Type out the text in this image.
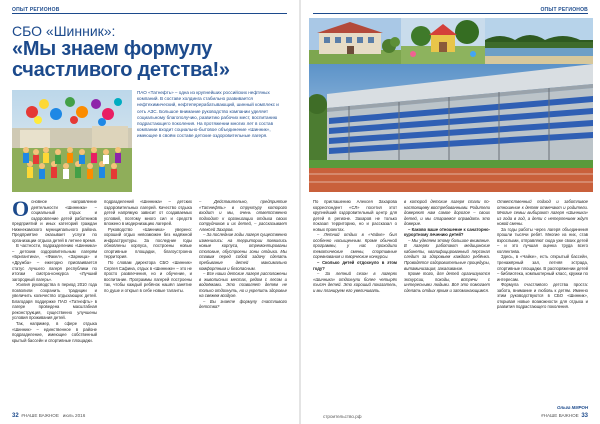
ОПЫТ РЕГИОНОВ
СБО «Шинник»:
«Мы знаем формулу
счастливого детства!»
ПАО «Татнефть» – одна из крупнейших российских нефтяных компаний. В составе холдинга стабильно развивается нефтехимический, нефтеперерабатывающий, шинный комплекс и сеть АЗС. Большое внимание руководство компании уделяет социальному благополучию, развитию рабочих мест, воспитанию подрастающего поколения. На протяжении многих лет в состав компании входит социально-бытовое объединение «Шинник», имеющее в своём составе детские оздоровительные лагеря.

Основное направление деятельности «Шинника» – социальный отдых и оздоровление детей работников предприятий и иных категорий граждан Нижнекамского муниципального района. Предприятие оказывает услуги по организации отдыха детей в летнее время.

В частности, подразделению «Шинника» – детским оздоровительным лагерям «Бригантина», «Факел», «Зарница» и «Дружба» – ежегодно присваивается статус лучшего лагеря республики по итогам смотра-конкурса «Лучший загородный лагерь».

Усилия руководства в период 2010 года позволили сохранить традиции и увеличить количество отдыхающих детей. Благодаря поддержке ПАО «Татнефть» в лагере проведена масштабная реконструкция, существенно улучшены условия проживания детей.

Так, например, в сфере отдыха «Шинник» – единственное в районе подразделение, имеющее собственный крытый бассейн и спортивные площадки.

подразделений «Шинника» – детских оздоровительных лагерей. Качество отдыха детей напрямую зависит от создаваемых условий, поэтому много сил и средств вложено в модернизацию лагерей.

Руководство «Шинника» уверено: хороший отдых невозможен без надёжной инфраструктуры. За последние годы обновлены корпуса, построены новые спортивные площадки, благоустроена территория.

По словам директора СБО «Шинник» Сергея Сафина, отдых в «Шиннике» – это не просто развлечения, но и обучение, и воспитание. Программы лагерей построены так, чтобы каждый ребёнок нашёл занятие по душе и открыл в себе новые таланты.

– Действительно, предприятие «Татнефть» в структуру которого входит и мы, очень ответственно подходит к организации отдыха своих сотрудников и их детей, – рассказывает Алексей Захаров.

– За последние годы лагеря существенно изменились: на территории появились новые корпуса, отремонтированы столовые, обустроены зоны отдыха. Мы ставим перед собой задачу сделать пребывание детей максимально комфортным и безопасным.

– Все наши детские лагеря расположены в живописных местах, рядом с лесом и водоёмами. Это позволяет детям не только отдохнуть, но и укрепить здоровье на свежем воздухе.

– Вы знаете формулу счастливого детства?

32 #НАШЕ ВАЖНОЕ июль 2016
ОПЫТ РЕГИОНОВ

По приглашению Алексея Захарова корреспондент «СЛ» посетил этот крупнейший оздоровительный центр для детей в регионе. Захаров не только показал территорию, но и рассказал о новых проектах.

– Летний отдых в «Чайке» был особенно насыщенным. Кроме обычной программы, у нас проходили тематические смены, спортивные соревнования и творческие конкурсы.

– Сколько детей отдохнуло в этом году?

– За летний сезон в лагерях «Шинника» отдохнули более четырёх тысяч детей. Это хороший показатель, и мы планируем его увеличивать.

в которой детские лагеря стали по-настоящему востребованными. Родители доверяют нам самое дорогое – своих детей, и мы стараемся оправдать это доверие.

– Каково ваше отношение к санаторно-курортному лечению детей?

– Мы уделяем этому большое внимание. В лагерях работают медицинские кабинеты, квалифицированный персонал следит за здоровьем каждого ребёнка. Проводятся оздоровительные процедуры, витаминизация, закаливание.

Кроме того, для детей организуются экскурсии, походы, встречи с интересными людьми. Всё это помогает сделать отдых ярким и запоминающимся.

Ответственный подход и заботливое отношение к детям отмечают и родители. Многие семьи выбирают лагеря «Шинника» из года в год, а дети с нетерпением ждут новой смены.

За годы работы через лагеря объединения прошли тысячи ребят. Многие из них, став взрослыми, отправляют сюда уже своих детей – и это лучшая оценка труда всего коллектива.

Здесь, в «Чайке», есть открытый бассейн, тренажёрный зал, летняя эстрада, спортивные площадки. В распоряжении детей – библиотека, компьютерный класс, кружки по интересам.

Формула счастливого детства проста: забота, внимание и любовь к детям. Именно этим руководствуются в СБО «Шинник», открывая новые возможности для отдыха и развития подрастающего поколения.

Ольга МИРОН
строительство.рф	#НАШЕ ВАЖНОЕ 33
